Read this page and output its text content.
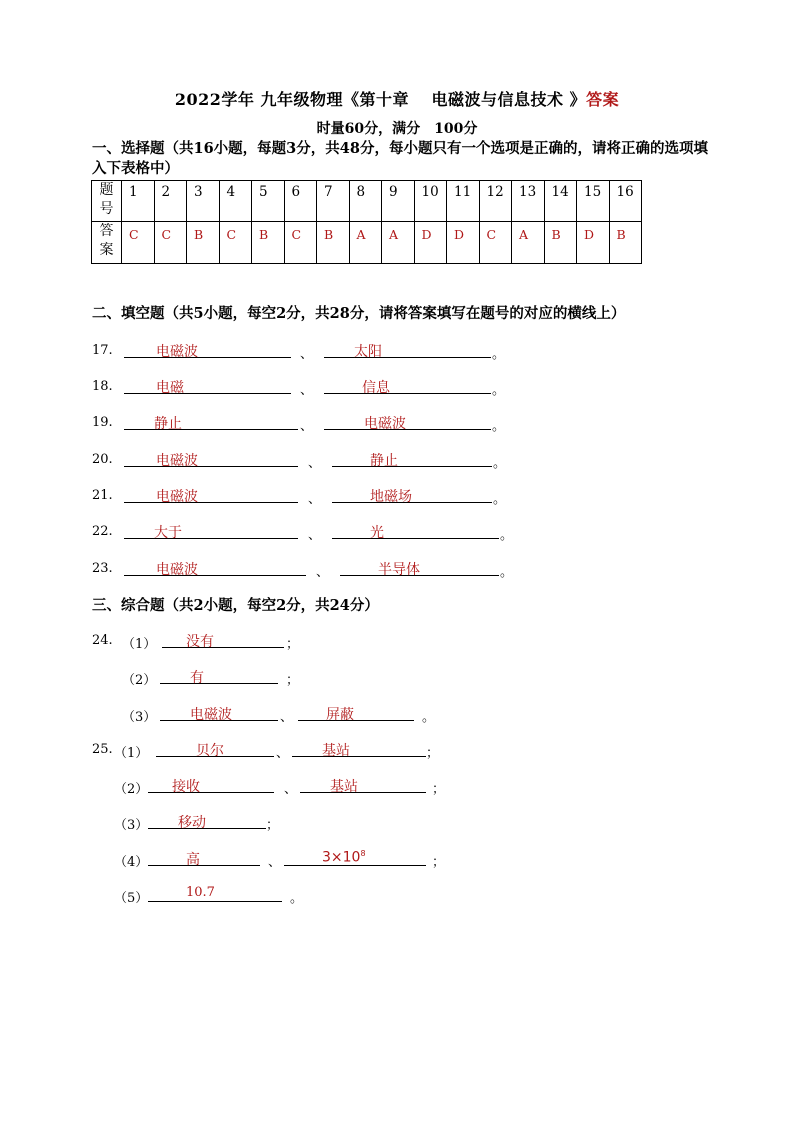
2022学年 九年级物理《第十章　 电磁波与信息技术 》答案
时量60分，满分　100分
一、选择题（共16小题，每题3分，共48分，每小题只有一个选项是正确的，请将正确的选项填入下表格中）
题
号	1	2	3	4	5	6	7	8	9	10	11	12	13	14	15	16

答
案	C	C	B	C	B	C	B	A	A	D	D	C	A	B	D	B
二、填空题（共5小题，每空2分，共28分，请将答案填写在题号的对应的横线上）
17.	电磁波	、	太阳	。
18.	电磁	、	信息	。
19.	静止	、	电磁波	。
20.	电磁波	、	静止	。
21.	电磁波	、	地磁场	。
22.	大于	、	光	。
23.	电磁波	、	半导体	。
三、综合题（共2小题，每空2分，共24分）
24. （1） 没有	；
（2） 有	；
（3） 电磁波	、 屏蔽	。
25. （1）	贝尔	、 基站	；
（2） 接收	、 基站	；
（3） 移动	；
（4）	高	、	$3\times 10^8$
；
（5）	10.7	。
